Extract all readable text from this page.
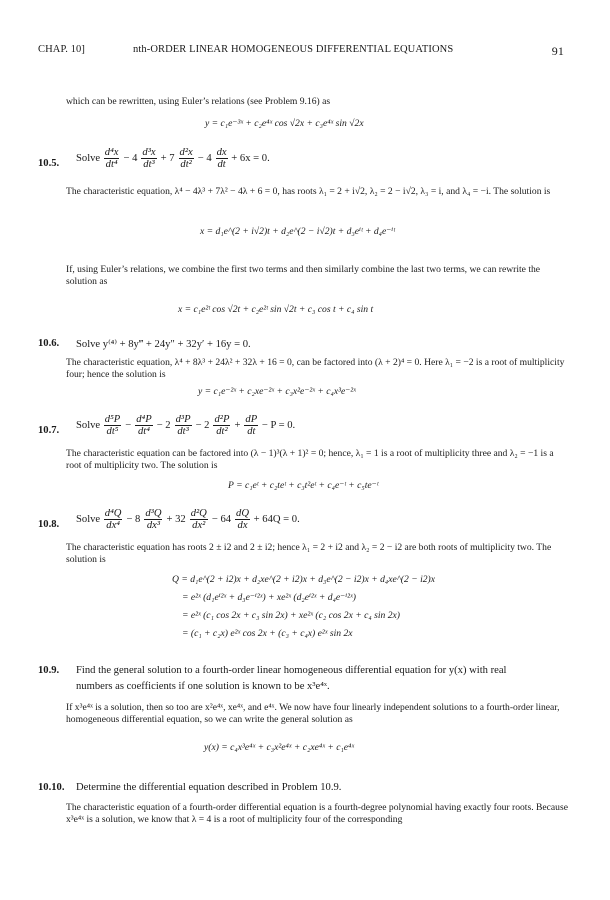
CHAP. 10]	nth-ORDER LINEAR HOMOGENEOUS DIFFERENTIAL EQUATIONS	91
which can be rewritten, using Euler’s relations (see Problem 9.16) as
y = c₁e⁻³ˣ + c₂e⁴ˣ cos √2x + c₃e⁴ˣ sin √2x
10.5. Solve $\frac{\text{d⁴x}}{\text{dt⁴}} - 4 \frac{\text{d³x}}{\text{dt³}} + 7 \frac{\text{d²x}}{\text{dt²}} - 4 \frac{dx}{dt} + 6x = 0$.
The characteristic equation, λ⁴ − 4λ³ + 7λ² − 4λ + 6 = 0, has roots λ₁ = 2 + i√2, λ₂ = 2 − i√2, λ₃ = i, and λ₄ = −i. The solution is
x = d₁e^(2 + i√2)t + d₂e^(2 − i√2)t + d₃eⁱᵗ + d₄e⁻ⁱᵗ
If, using Euler’s relations, we combine the first two terms and then similarly combine the last two terms, we can rewrite the solution as
x = c₁e²ᵗ cos √2t + c₂e²ᵗ sin √2t + c₃ cos t + c₄ sin t
10.6. Solve y⁽⁴⁾ + 8y‴ + 24y″ + 32y′ + 16y = 0.
The characteristic equation, λ⁴ + 8λ³ + 24λ² + 32λ + 16 = 0, can be factored into (λ + 2)⁴ = 0. Here λ₁ = −2 is a root of multiplicity four; hence the solution is
y = c₁e⁻²ˣ + c₂xe⁻²ˣ + c₃x²e⁻²ˣ + c₄x³e⁻²ˣ
10.7. Solve $\frac{\text{d⁵P}}{\text{dt⁵}} - \frac{\text{d⁴P}}{\text{dt⁴}} - 2 \frac{\text{d³P}}{\text{dt³}} - 2 \frac{\text{d²P}}{\text{dt²}} + \frac{dP}{dt} - P = 0$.
The characteristic equation can be factored into (λ − 1)³(λ + 1)² = 0; hence, λ₁ = 1 is a root of multiplicity three and λ₂ = −1 is a root of multiplicity two. The solution is
P = c₁eᵗ + c₂teᵗ + c₃t²eᵗ + c₄e⁻ᵗ + c₅te⁻ᵗ
10.8. Solve $\frac{\text{d⁴Q}}{\text{dx⁴}} - 8 \frac{\text{d³Q}}{\text{dx³}} + 32 \frac{\text{d²Q}}{\text{dx²}} - 64 \frac{dQ}{dx} + 64Q = 0$.
The characteristic equation has roots 2 ± i2 and 2 ± i2; hence λ₁ = 2 + i2 and λ₂ = 2 − i2 are both roots of multiplicity two. The solution is
Q = d₁e^(2 + i2)x + d₂xe^(2 + i2)x + d₃e^(2 − i2)x + d₄xe^(2 − i2)x
= e²ˣ (d₁eⁱ²ˣ + d₃e⁻ⁱ²ˣ) + xe²ˣ (d₂eⁱ²ˣ + d₄e⁻ⁱ²ˣ)
= e²ˣ (c₁ cos 2x + c₃ sin 2x) + xe²ˣ (c₂ cos 2x + c₄ sin 2x)
= (c₁ + c₂x) e²ˣ cos 2x + (c₃ + c₄x) e²ˣ sin 2x
10.9. Find the general solution to a fourth-order linear homogeneous differential equation for y(x) with real
numbers as coefficients if one solution is known to be x³e⁴ˣ.
If x³e⁴ˣ is a solution, then so too are x²e⁴ˣ, xe⁴ˣ, and e⁴ˣ. We now have four linearly independent solutions to a fourth-order linear, homogeneous differential equation, so we can write the general solution as
y(x) = c₄x³e⁴ˣ + c₃x²e⁴ˣ + c₂xe⁴ˣ + c₁e⁴ˣ
10.10. Determine the differential equation described in Problem 10.9.
The characteristic equation of a fourth-order differential equation is a fourth-degree polynomial having exactly four roots. Because x³e⁴ˣ is a solution, we know that λ = 4 is a root of multiplicity four of the corresponding
